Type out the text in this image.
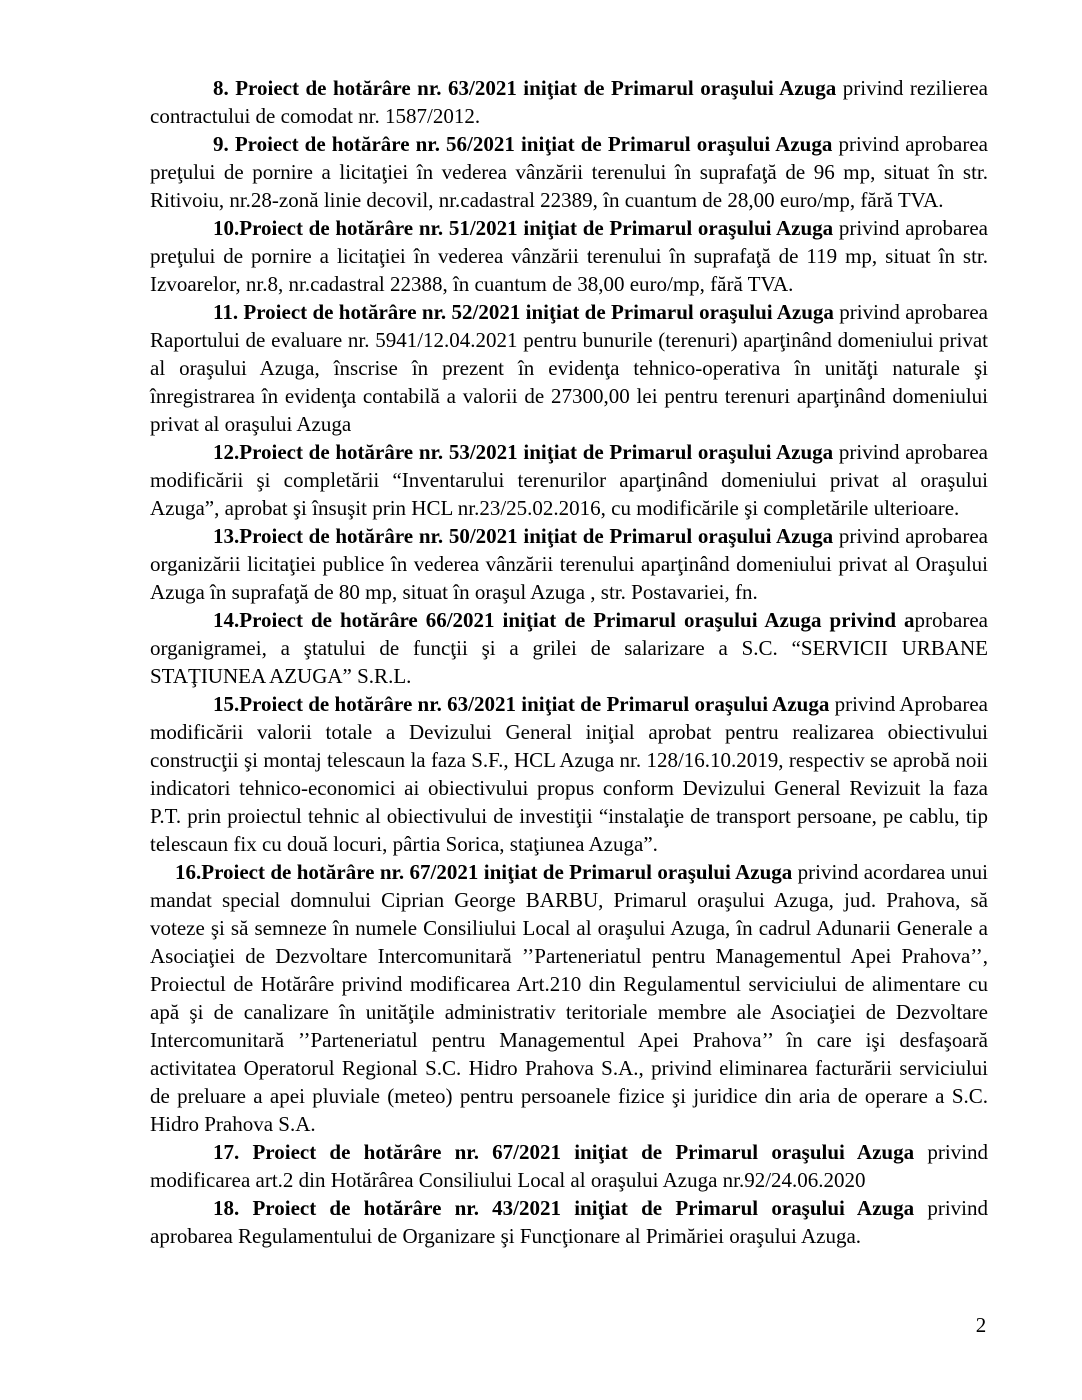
8. Proiect de hotărâre nr. 63/2021 iniţiat de Primarul oraşului Azuga privind rezilierea contractului de comodat nr. 1587/2012.

9. Proiect de hotărâre nr. 56/2021 iniţiat de Primarul oraşului Azuga privind aprobarea preţului de pornire a licitaţiei în vederea vânzării terenului în suprafaţă de 96 mp, situat în str. Ritivoiu, nr.28-zonă linie decovil, nr.cadastral 22389, în cuantum de 28,00 euro/mp, fără TVA.

10.Proiect de hotărâre nr. 51/2021 iniţiat de Primarul oraşului Azuga privind aprobarea preţului de pornire a licitaţiei în vederea vânzării terenului în suprafaţă de 119 mp, situat în str. Izvoarelor, nr.8, nr.cadastral 22388, în cuantum de 38,00 euro/mp, fără TVA.

11. Proiect de hotărâre nr. 52/2021 iniţiat de Primarul oraşului Azuga privind aprobarea Raportului de evaluare nr. 5941/12.04.2021 pentru bunurile (terenuri) aparţinând domeniului privat al oraşului Azuga, înscrise în prezent în evidenţa tehnico-operativa în unităţi naturale şi înregistrarea în evidenţa contabilă a valorii de 27300,00 lei pentru terenuri aparţinând domeniului privat al oraşului Azuga

12.Proiect de hotărâre nr. 53/2021 iniţiat de Primarul oraşului Azuga privind aprobarea modificării şi completării “Inventarului terenurilor aparţinând domeniului privat al oraşului Azuga”, aprobat şi însuşit prin HCL nr.23/25.02.2016, cu modificările şi completările ulterioare.

13.Proiect de hotărâre nr. 50/2021 iniţiat de Primarul oraşului Azuga privind aprobarea organizării licitaţiei publice în vederea vânzării terenului aparţinând domeniului privat al Oraşului Azuga în suprafaţă de 80 mp, situat în oraşul Azuga , str. Postavariei, fn.

14.Proiect de hotărâre 66/2021 iniţiat de Primarul oraşului Azuga privind aprobarea organigramei, a ştatului de funcţii şi a grilei de salarizare a S.C. “SERVICII URBANE STAŢIUNEA AZUGA” S.R.L.

15.Proiect de hotărâre nr. 63/2021 iniţiat de Primarul oraşului Azuga privind Aprobarea modificării valorii totale a Devizului General iniţial aprobat pentru realizarea obiectivului construcţii şi montaj telescaun la faza S.F., HCL Azuga nr. 128/16.10.2019, respectiv se aprobă noii indicatori tehnico-economici ai obiectivului propus conform Devizului General Revizuit la faza P.T. prin proiectul tehnic al obiectivului de investiţii “instalaţie de transport persoane, pe cablu, tip telescaun fix cu două locuri, pârtia Sorica, staţiunea Azuga”.

16.Proiect de hotărâre nr. 67/2021 iniţiat de Primarul oraşului Azuga privind acordarea unui mandat special domnului Ciprian George BARBU, Primarul oraşului Azuga, jud. Prahova, să voteze şi să semneze în numele Consiliului Local al oraşului Azuga, în cadrul Adunarii Generale a Asociaţiei de Dezvoltare Intercomunitară ’’Parteneriatul pentru Managementul Apei Prahova’’, Proiectul de Hotărâre privind modificarea Art.210 din Regulamentul serviciului de alimentare cu apă şi de canalizare în unităţile administrativ teritoriale membre ale Asociaţiei de Dezvoltare Intercomunitară ’’Parteneriatul pentru Managementul Apei Prahova’’ în care işi desfaşoară activitatea Operatorul Regional S.C. Hidro Prahova S.A., privind eliminarea facturării serviciului de preluare a apei pluviale (meteo) pentru persoanele fizice şi juridice din aria de operare a S.C. Hidro Prahova S.A.

17. Proiect de hotărâre nr. 67/2021 iniţiat de Primarul oraşului Azuga privind modificarea art.2 din Hotărârea Consiliului Local al oraşului Azuga nr.92/24.06.2020

18. Proiect de hotărâre nr. 43/2021 iniţiat de Primarul oraşului Azuga privind aprobarea Regulamentului de Organizare şi Funcţionare al Primăriei oraşului Azuga.

2
